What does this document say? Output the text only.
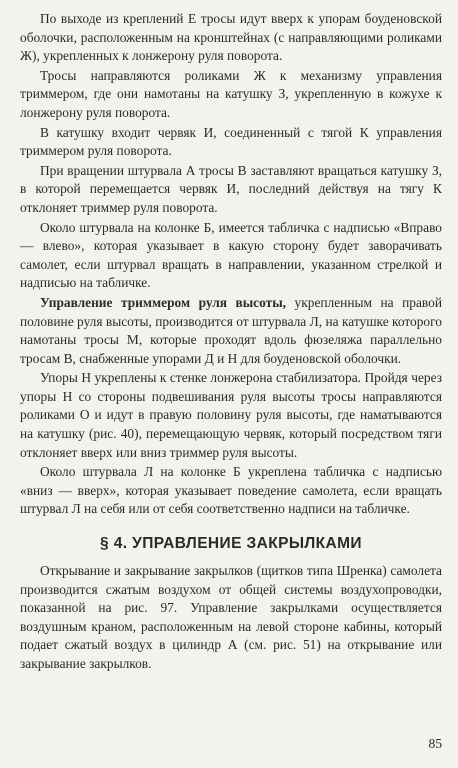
По выходе из креплений Е тросы идут вверх к упорам боуденовской оболочки, расположенным на кронштейнах (с направляющими роликами Ж), укрепленных к лонжерону руля поворота.

Тросы направляются роликами Ж к механизму управления триммером, где они намотаны на катушку З, укрепленную в кожухе к лонжерону руля поворота.

В катушку входит червяк И, соединенный с тягой К управления триммером руля поворота.

При вращении штурвала А тросы В заставляют вращаться катушку З, в которой перемещается червяк И, последний действуя на тягу К отклоняет триммер руля поворота.

Около штурвала на колонке Б, имеется табличка с надписью «Вправо — влево», которая указывает в какую сторону будет заворачивать самолет, если штурвал вращать в направлении, указанном стрелкой и надписью на табличке.

Управление триммером руля высоты, укрепленным на правой половине руля высоты, производится от штурвала Л, на катушке которого намотаны тросы М, которые проходят вдоль фюзеляжа параллельно тросам В, снабженные упорами Д и Н для боуденовской оболочки.

Упоры Н укреплены к стенке лонжерона стабилизатора. Пройдя через упоры Н со стороны подвешивания руля высоты тросы направляются роликами О и идут в правую половину руля высоты, где наматываются на катушку (рис. 40), перемещающую червяк, который посредством тяги отклоняет вверх или вниз триммер руля высоты.

Около штурвала Л на колонке Б укреплена табличка с надписью «вниз — вверх», которая указывает поведение самолета, если вращать штурвал Л на себя или от себя соответственно надписи на табличке.

§ 4. УПРАВЛЕНИЕ ЗАКРЫЛКАМИ

Открывание и закрывание закрылков (щитков типа Шренка) самолета производится сжатым воздухом от общей системы воздухопроводки, показанной на рис. 97. Управление закрылками осуществляется воздушным краном, расположенным на левой стороне кабины, который подает сжатый воздух в цилиндр А (см. рис. 51) на открывание или закрывание закрылков.

85
